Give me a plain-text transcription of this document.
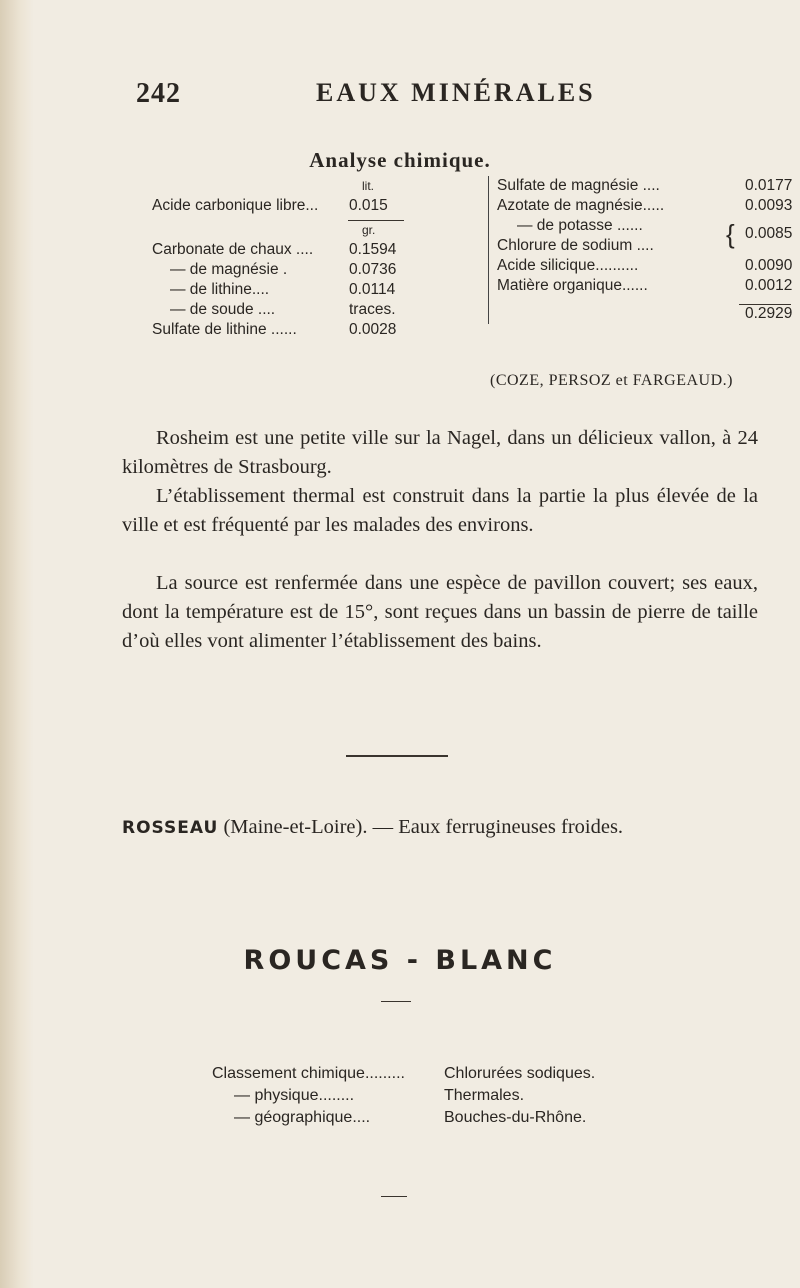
242	EAUX MINÉRALES
Analyse chimique.
lit.
Acide carbonique libre... 0.015
gr.
Carbonate de chaux .... 0.1594
— de magnésie .	0.0736
— de lithine....	0.0114
— de soude ....	traces.
Sulfate de lithine ......	0.0028
Sulfate de magnésie ....	0.0177
Azotate de magnésie.....	0.0093
— de potasse ......
Chlorure de sodium ....	{ 0.0085
Acide silicique..........	0.0090
Matière organique......	0.0012
0.2929
(COZE, PERSOZ et FARGEAUD.)
Rosheim est une petite ville sur la Nagel, dans un délicieux vallon, à 24 kilomètres de Strasbourg.
L’établissement thermal est construit dans la partie la plus élevée de la ville et est fréquenté par les malades des environs.
La source est renfermée dans une espèce de pavillon couvert; ses eaux, dont la température est de 15°, sont reçues dans un bassin de pierre de taille d’où elles vont alimenter l’établissement des bains.
ROSSEAU (Maine-et-Loire). — Eaux ferrugineuses froides.
ROUCAS - BLANC
Classement chimique......... Chlorurées sodiques.
— physique........	Thermales.
— géographique....	Bouches-du-Rhône.
